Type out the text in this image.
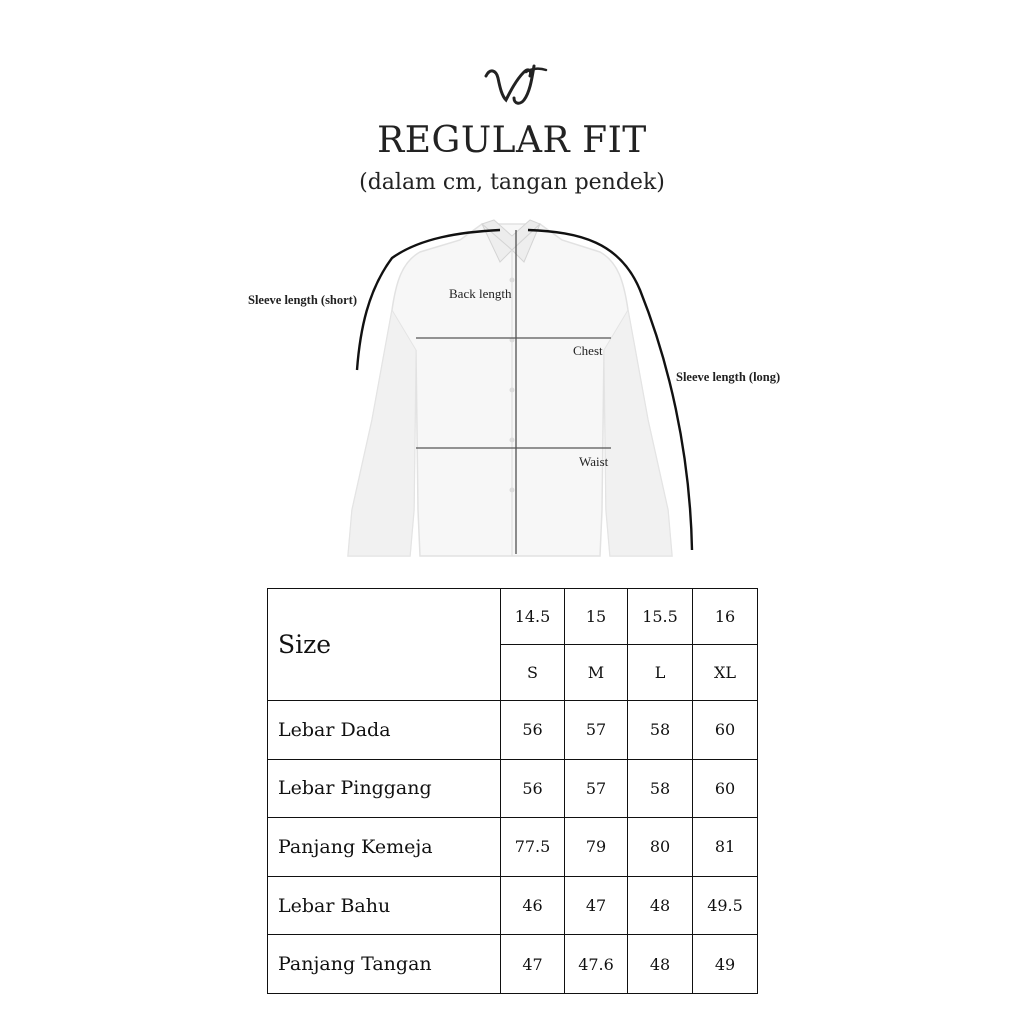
REGULAR FIT
(dalam cm, tangan pendek)
Sleeve length (short)	Back length
Chest
Sleeve length (long)
Waist
Size	14.5	15	15.5	16
	S	M	L	XL
Lebar Dada	56	57	58	60
Lebar Pinggang	56	57	58	60
Panjang Kemeja	77.5	79	80	81
Lebar Bahu	46	47	48	49.5
Panjang Tangan	47	47.6	48	49
